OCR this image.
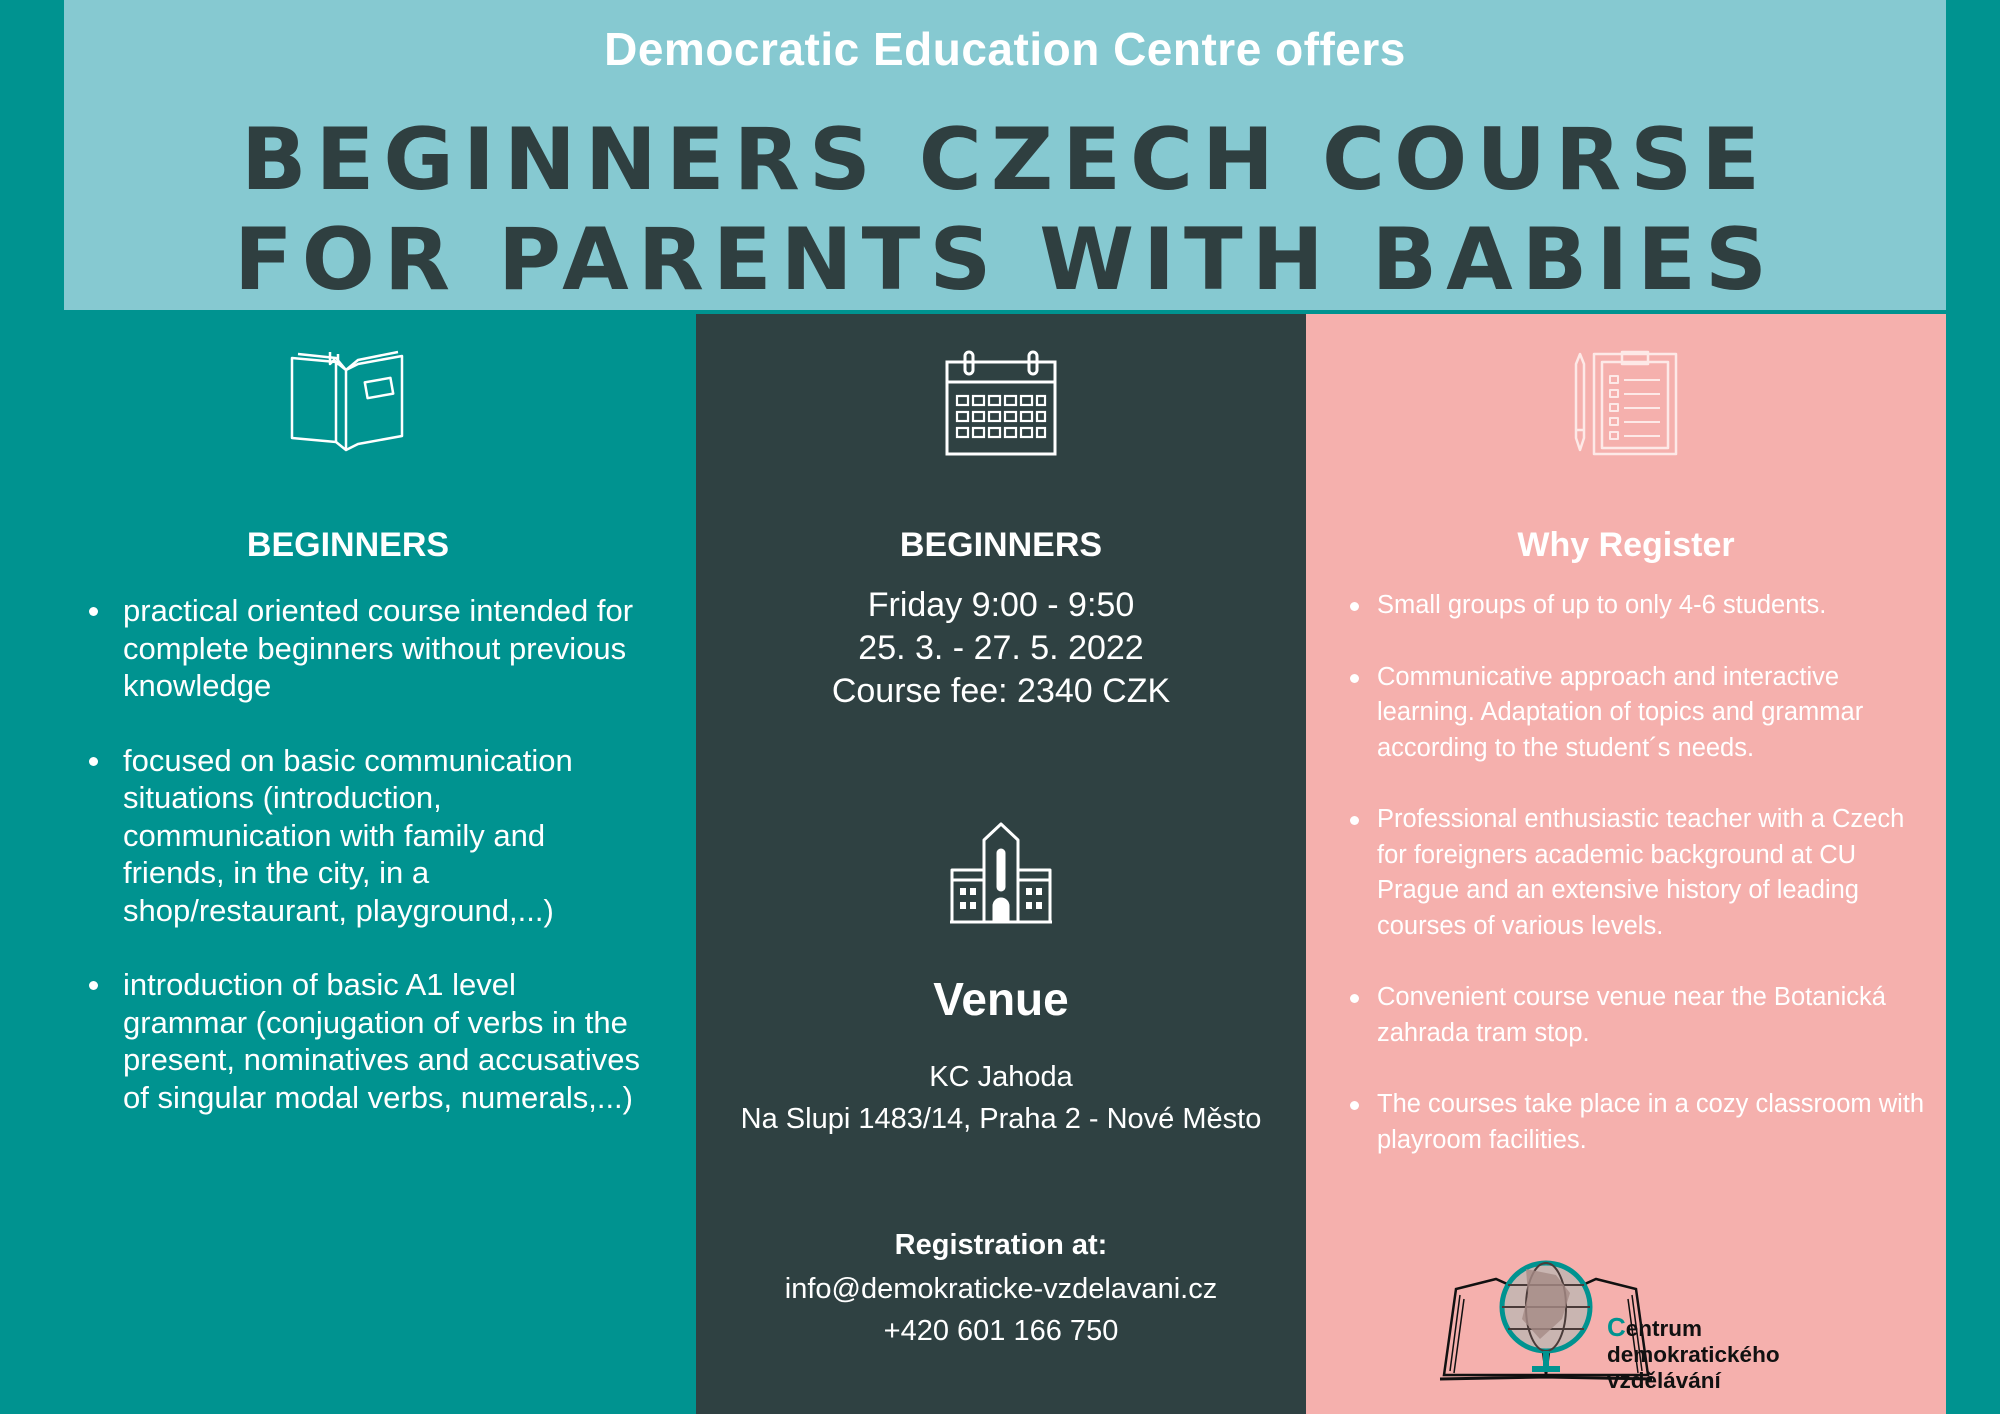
Democratic Education Centre offers
BEGINNERS CZECH COURSE
FOR PARENTS WITH BABIES
BEGINNERS
practical oriented course intended for complete beginners without previous knowledge
focused on basic communication situations (introduction, communication with family and friends, in the city, in a shop/restaurant, playground,...)
introduction of basic A1 level grammar (conjugation of verbs in the present, nominatives and accusatives of singular modal verbs, numerals,...)
BEGINNERS
Friday 9:00 - 9:50
25. 3. - 27. 5. 2022
Course fee: 2340 CZK
Venue
KC Jahoda
Na Slupi 1483/14, Praha 2 - Nové Město
Registration at:
info@demokraticke-vzdelavani.cz
+420 601 166 750
Why Register
Small groups of up to only 4-6 students.
Communicative approach and interactive learning. Adaptation of topics and grammar according to the student´s needs.
Professional enthusiastic teacher with a Czech for foreigners academic background at CU Prague and an extensive history of leading courses of various levels.
Convenient course venue near the Botanická zahrada tram stop.
The courses take place in a cozy classroom with playroom facilities.
Centrum
demokratického
vzdělávání
